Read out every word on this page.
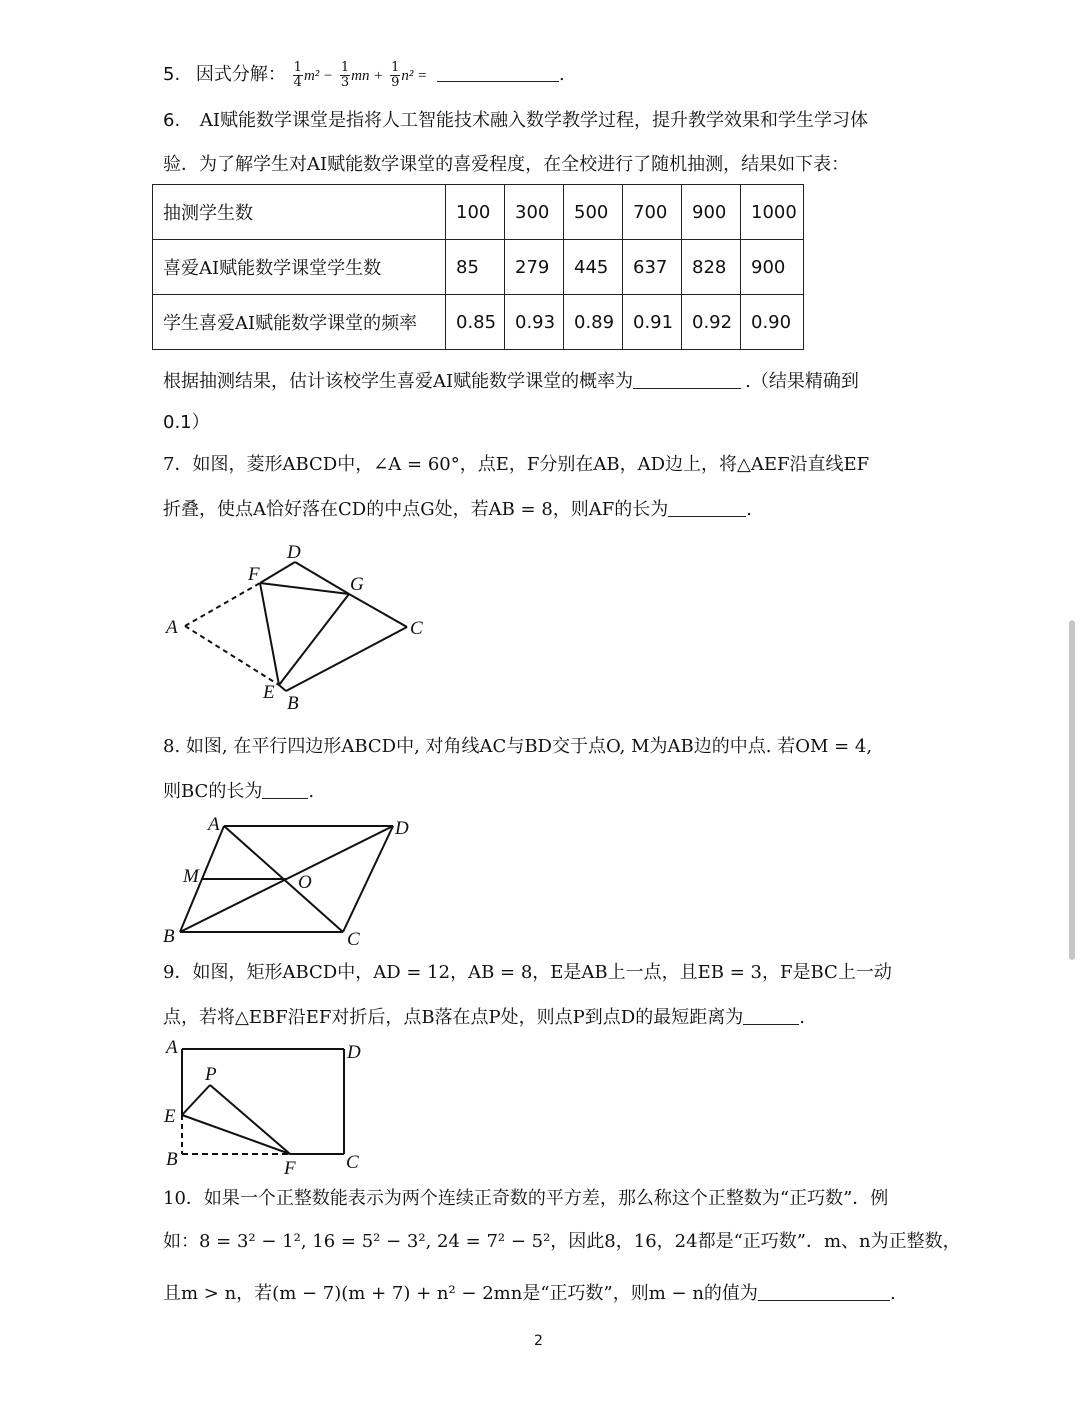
5. 因式分解： $\frac{1}{4} m^2 - \frac{1}{3}$ mn + $\frac{1}{9} n^2$ =	.
6. AI赋能数学课堂是指将人工智能技术融入数学教学过程，提升教学效果和学生学习体
验．为了解学生对AI赋能数学课堂的喜爱程度，在全校进行了随机抽测，结果如下表：
抽测学生数	100	300	500	700	900	1000
喜爱AI赋能数学课堂学生数	85	279	445	637	828	900
学生喜爱AI赋能数学课堂的频率	0.85	0.93	0.89	0.91	0.92	0.90
根据抽测结果，估计该校学生喜爱AI赋能数学课堂的概率为	.（结果精确到
0.1）
7．如图，菱形ABCD中，∠A = 60°，点E，F分别在AB，AD边上，将△AEF沿直线EF
折叠，使点A恰好落在CD的中点G处，若AB = 8，则AF的长为	.
D
F	G
A	C
E
B
8. 如图, 在平行四边形ABCD中, 对角线AC与BD交于点O, M为AB边的中点. 若OM = 4,
则BC的长为	.
A	D
M	O
B	C
9．如图，矩形ABCD中，AD = 12，AB = 8，E是AB上一点，且EB = 3，F是BC上一动
点，若将△EBF沿EF对折后，点B落在点P处，则点P到点D的最短距离为	.
A	D
P
E
B	F	C
10．如果一个正整数能表示为两个连续正奇数的平方差，那么称这个正整数为“正巧数”．例
如：8 = 3² − 1², 16 = 5² − 3², 24 = 7² − 5²，因此8，16，24都是“正巧数”．m、n为正整数，
且m > n，若(m − 7)(m + 7) + n² − 2mn是“正巧数”，则m − n的值为	.
2
